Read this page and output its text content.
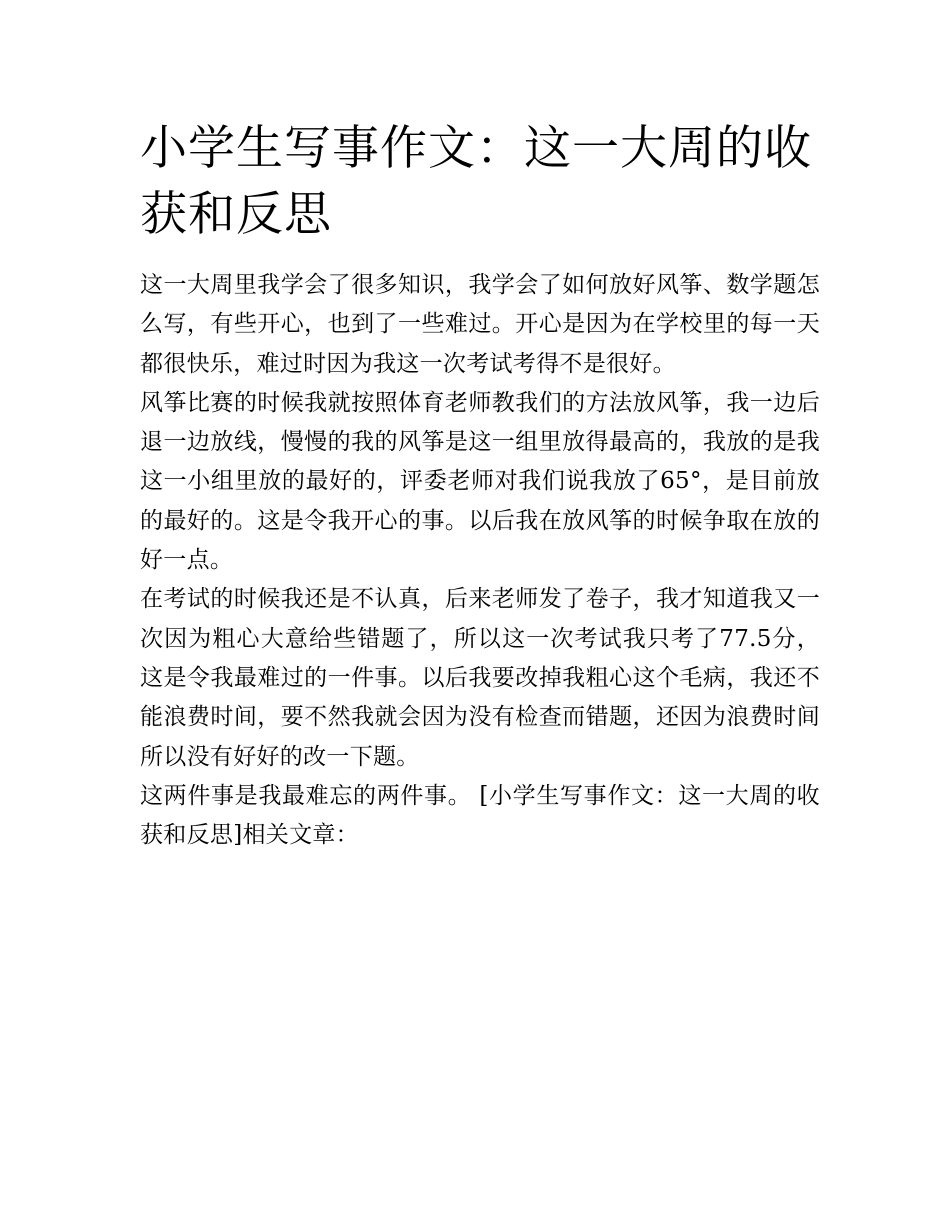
小学生写事作文：这一大周的收获和反思

这一大周里我学会了很多知识，我学会了如何放好风筝、数学题怎么写，有些开心，也到了一些难过。开心是因为在学校里的每一天都很快乐，难过时因为我这一次考试考得不是很好。

风筝比赛的时候我就按照体育老师教我们的方法放风筝，我一边后退一边放线，慢慢的我的风筝是这一组里放得最高的，我放的是我这一小组里放的最好的，评委老师对我们说我放了65°，是目前放的最好的。这是令我开心的事。以后我在放风筝的时候争取在放的好一点。

在考试的时候我还是不认真，后来老师发了卷子，我才知道我又一次因为粗心大意给些错题了，所以这一次考试我只考了77.5分，这是令我最难过的一件事。以后我要改掉我粗心这个毛病，我还不能浪费时间，要不然我就会因为没有检查而错题，还因为浪费时间所以没有好好的改一下题。

这两件事是我最难忘的两件事。 [小学生写事作文：这一大周的收获和反思]相关文章：
